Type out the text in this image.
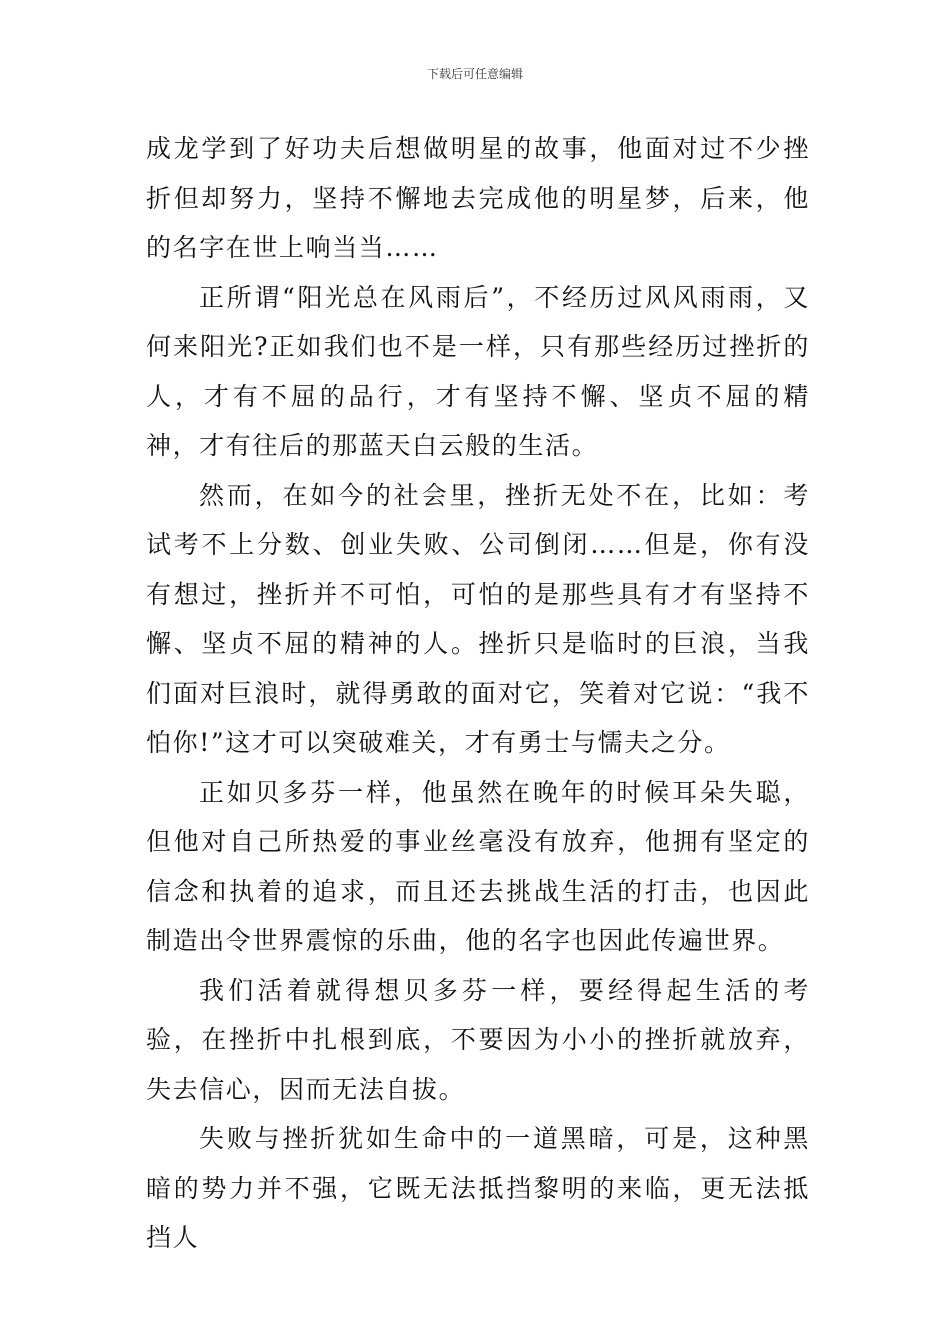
下载后可任意编辑

成龙学到了好功夫后想做明星的故事，他面对过不少挫折但却努力，坚持不懈地去完成他的明星梦，后来，他的名字在世上响当当……

正所谓“阳光总在风雨后”，不经历过风风雨雨，又何来阳光?正如我们也不是一样，只有那些经历过挫折的人，才有不屈的品行，才有坚持不懈、坚贞不屈的精神，才有往后的那蓝天白云般的生活。

然而，在如今的社会里，挫折无处不在，比如：考试考不上分数、创业失败、公司倒闭……但是，你有没有想过，挫折并不可怕，可怕的是那些具有才有坚持不懈、坚贞不屈的精神的人。挫折只是临时的巨浪，当我们面对巨浪时，就得勇敢的面对它，笑着对它说：“我不怕你!”这才可以突破难关，才有勇士与懦夫之分。

正如贝多芬一样，他虽然在晚年的时候耳朵失聪，但他对自己所热爱的事业丝毫没有放弃，他拥有坚定的信念和执着的追求，而且还去挑战生活的打击，也因此制造出令世界震惊的乐曲，他的名字也因此传遍世界。

我们活着就得想贝多芬一样，要经得起生活的考验，在挫折中扎根到底，不要因为小小的挫折就放弃，失去信心，因而无法自拔。

失败与挫折犹如生命中的一道黑暗，可是，这种黑暗的势力并不强，它既无法抵挡黎明的来临，更无法抵挡人
